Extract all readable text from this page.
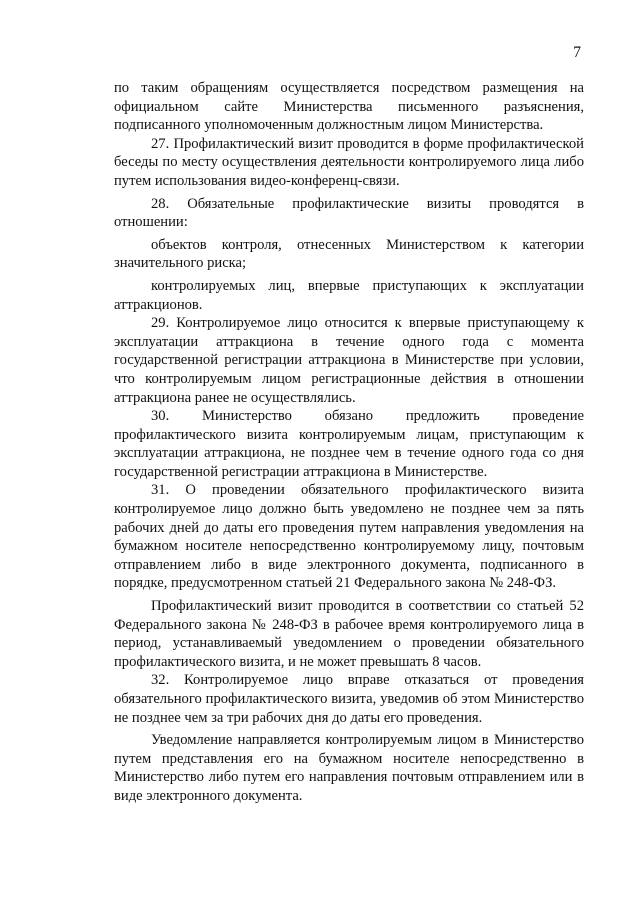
7

по таким обращениям осуществляется посредством размещения на официальном сайте Министерства письменного разъяснения, подписанного уполномоченным должностным лицом Министерства.

27. Профилактический визит проводится в форме профилактической беседы по месту осуществления деятельности контролируемого лица либо путем использования видео-конференц-связи.

28. Обязательные профилактические визиты проводятся в отношении:

объектов контроля, отнесенных Министерством к категории значительного риска;

контролируемых лиц, впервые приступающих к эксплуатации аттракционов.

29. Контролируемое лицо относится к впервые приступающему к эксплуатации аттракциона в течение одного года с момента государственной регистрации аттракциона в Министерстве при условии, что контролируемым лицом регистрационные действия в отношении аттракциона ранее не осуществлялись.

30. Министерство обязано предложить проведение профилактического визита контролируемым лицам, приступающим к эксплуатации аттракциона, не позднее чем в течение одного года со дня государственной регистрации аттракциона в Министерстве.

31. О проведении обязательного профилактического визита контролируемое лицо должно быть уведомлено не позднее чем за пять рабочих дней до даты его проведения путем направления уведомления на бумажном носителе непосредственно контролируемому лицу, почтовым отправлением либо в виде электронного документа, подписанного в порядке, предусмотренном статьей 21 Федерального закона № 248-ФЗ.

Профилактический визит проводится в соответствии со статьей 52 Федерального закона № 248-ФЗ в рабочее время контролируемого лица в период, устанавливаемый уведомлением о проведении обязательного профилактического визита, и не может превышать 8 часов.

32. Контролируемое лицо вправе отказаться от проведения обязательного профилактического визита, уведомив об этом Министерство не позднее чем за три рабочих дня до даты его проведения.

Уведомление направляется контролируемым лицом в Министерство путем представления его на бумажном носителе непосредственно в Министерство либо путем его направления почтовым отправлением или в виде электронного документа.
